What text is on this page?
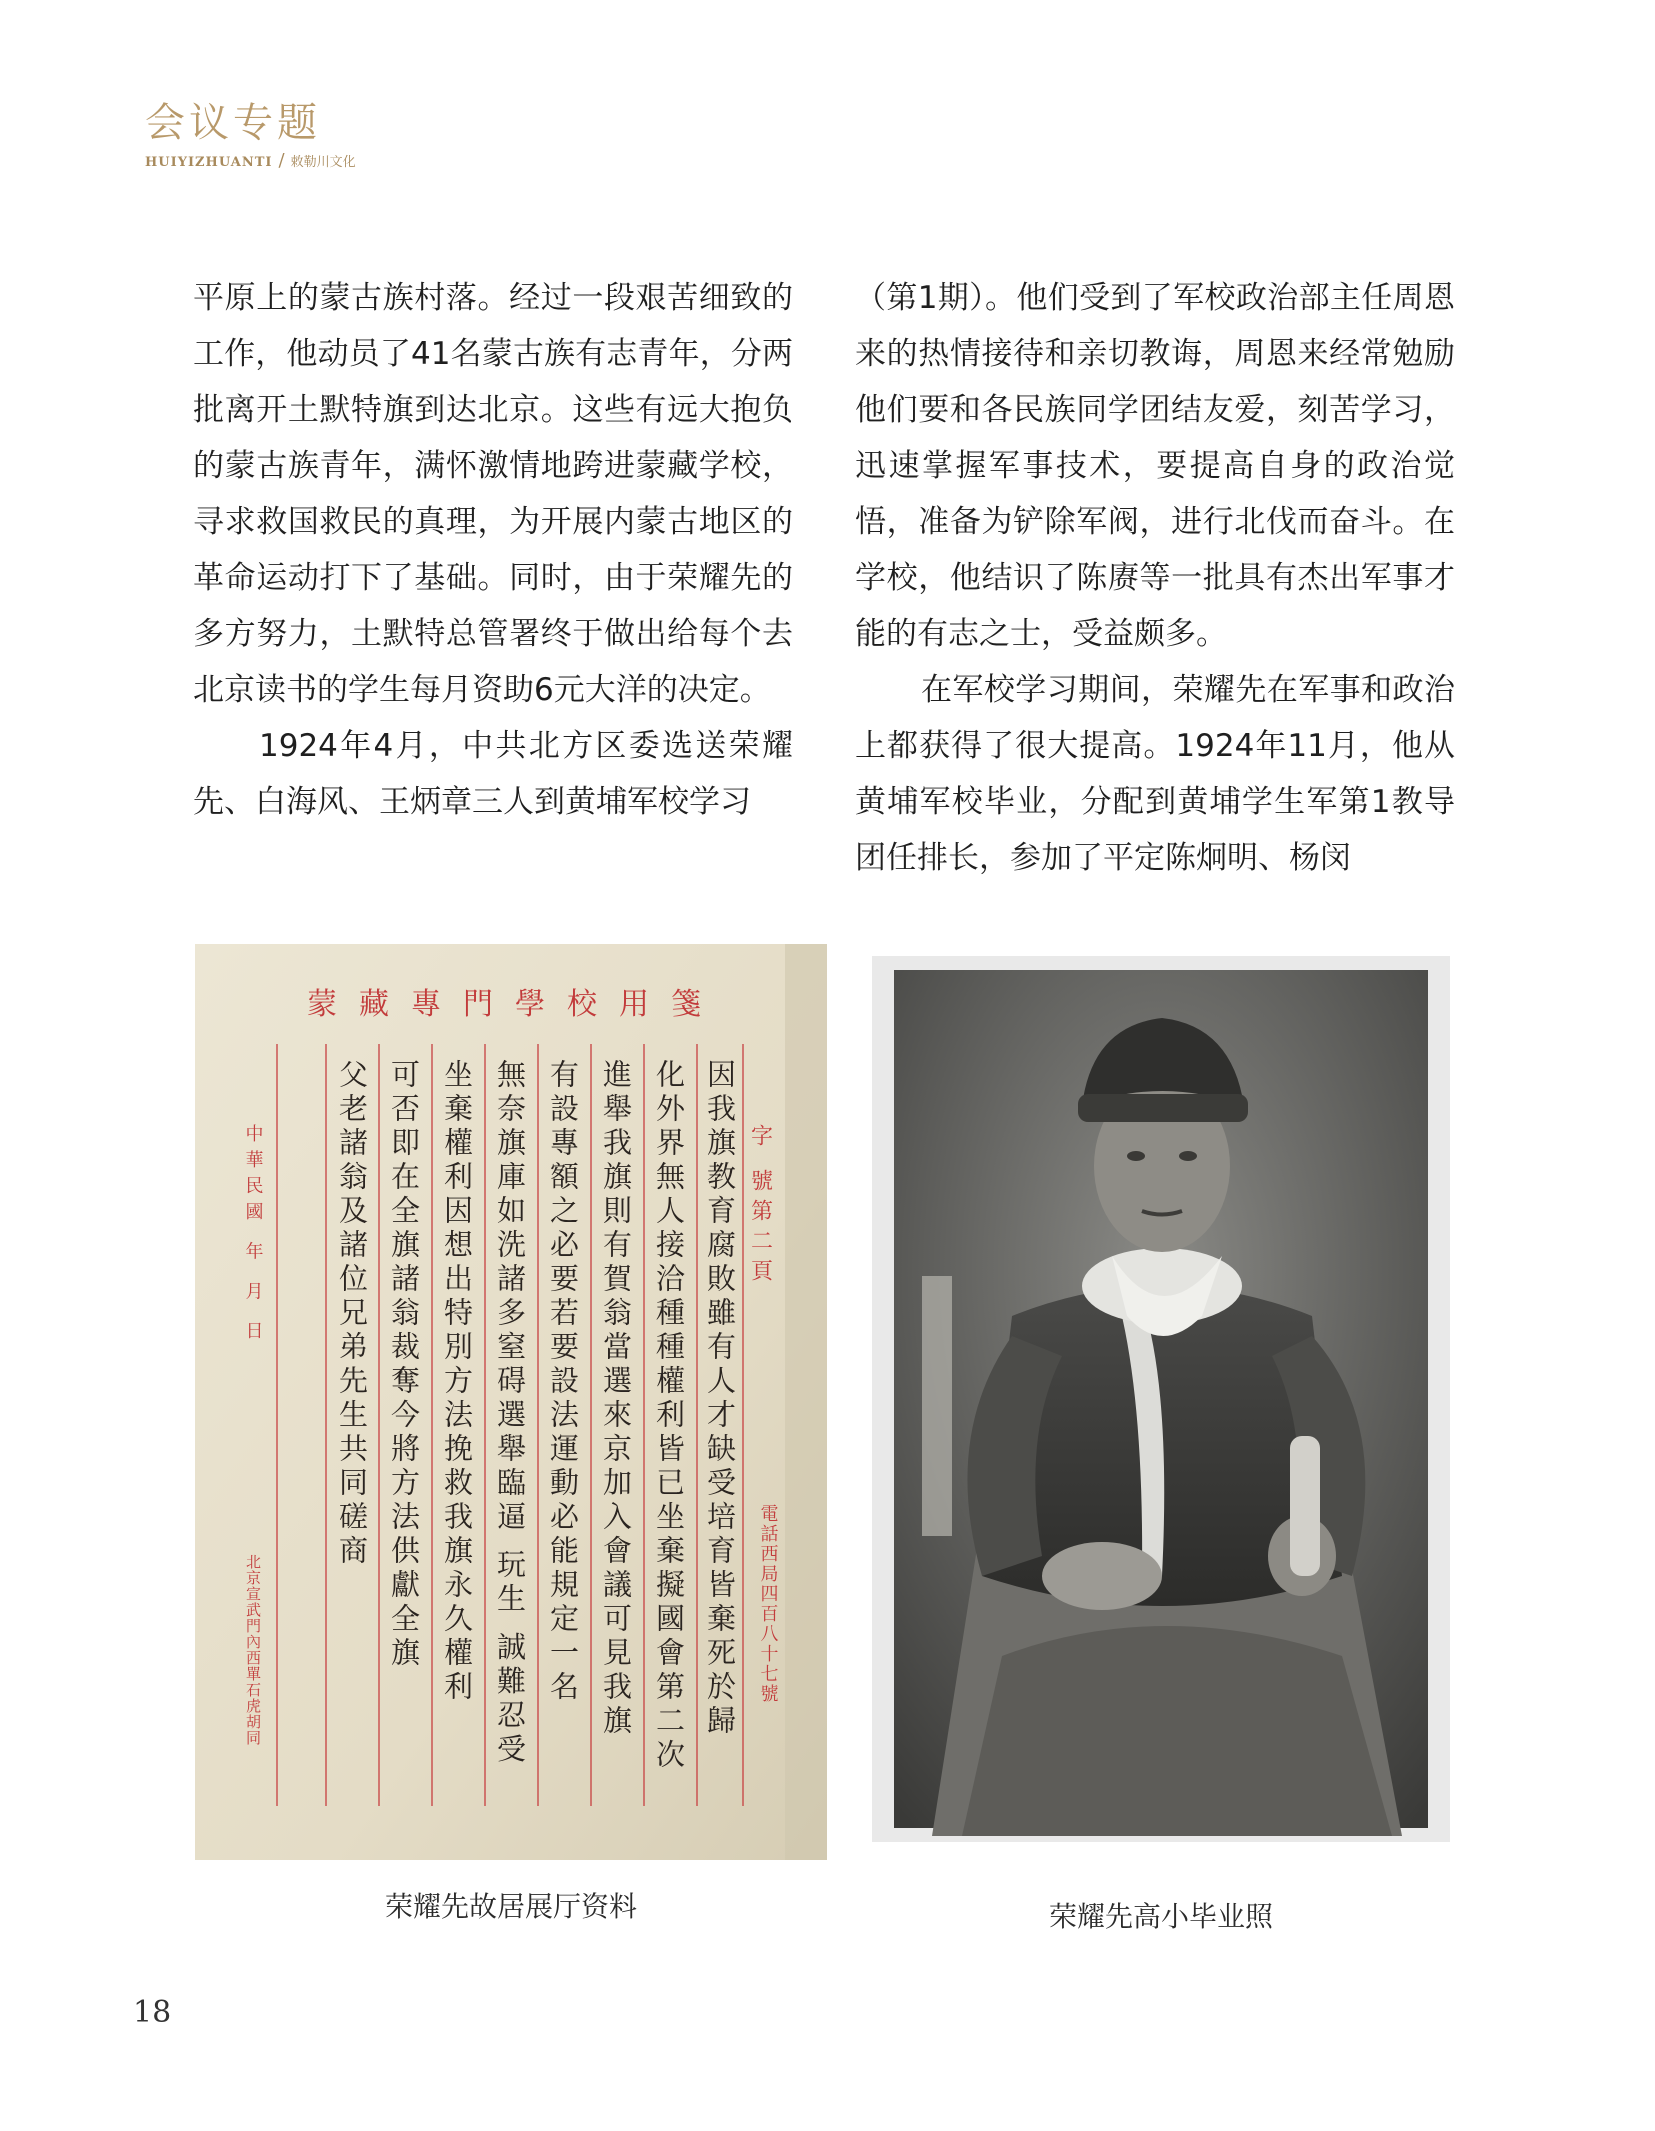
会议专题
HUIYIZHUANTI / 敕勒川文化

平原上的蒙古族村落。经过一段艰苦细致的工作，他动员了41名蒙古族有志青年，分两批离开土默特旗到达北京。这些有远大抱负的蒙古族青年，满怀激情地跨进蒙藏学校，寻求救国救民的真理，为开展内蒙古地区的革命运动打下了基础。同时，由于荣耀先的多方努力，土默特总管署终于做出给每个去北京读书的学生每月资助6元大洋的决定。

1924年4月，中共北方区委选送荣耀先、白海风、王炳章三人到黄埔军校学习

（第1期）。他们受到了军校政治部主任周恩来的热情接待和亲切教诲，周恩来经常勉励他们要和各民族同学团结友爱，刻苦学习，迅速掌握军事技术，要提高自身的政治觉悟，准备为铲除军阀，进行北伐而奋斗。在学校，他结识了陈赓等一批具有杰出军事才能的有志之士，受益颇多。

在军校学习期间，荣耀先在军事和政治上都获得了很大提高。1924年11月，他从黄埔军校毕业，分配到黄埔学生军第1教导团任排长，参加了平定陈炯明、杨闵

蒙藏專門學校用箋
字 號第二頁
電話西局四百八十七號
中華民國 年 月 日
北京宣武門內西單石虎胡同	因我旗教育腐敗雖有人才缺受培育皆棄死於歸
化外界無人接洽種種權利皆已坐棄擬國會第二次
進舉我旗則有賀翁當選來京加入會議可見我旗
有設專額之必要若要設法運動必能規定一名
無奈旗庫如洗諸多窒碍選舉臨逼 玩生 誠難忍受
坐棄權利因想出特別方法挽救我旗永久權利
可否即在全旗諸翁裁奪今將方法供獻全旗
父老諸翁及諸位兄弟先生共同磋商
荣耀先故居展厅资料	荣耀先高小毕业照
18
